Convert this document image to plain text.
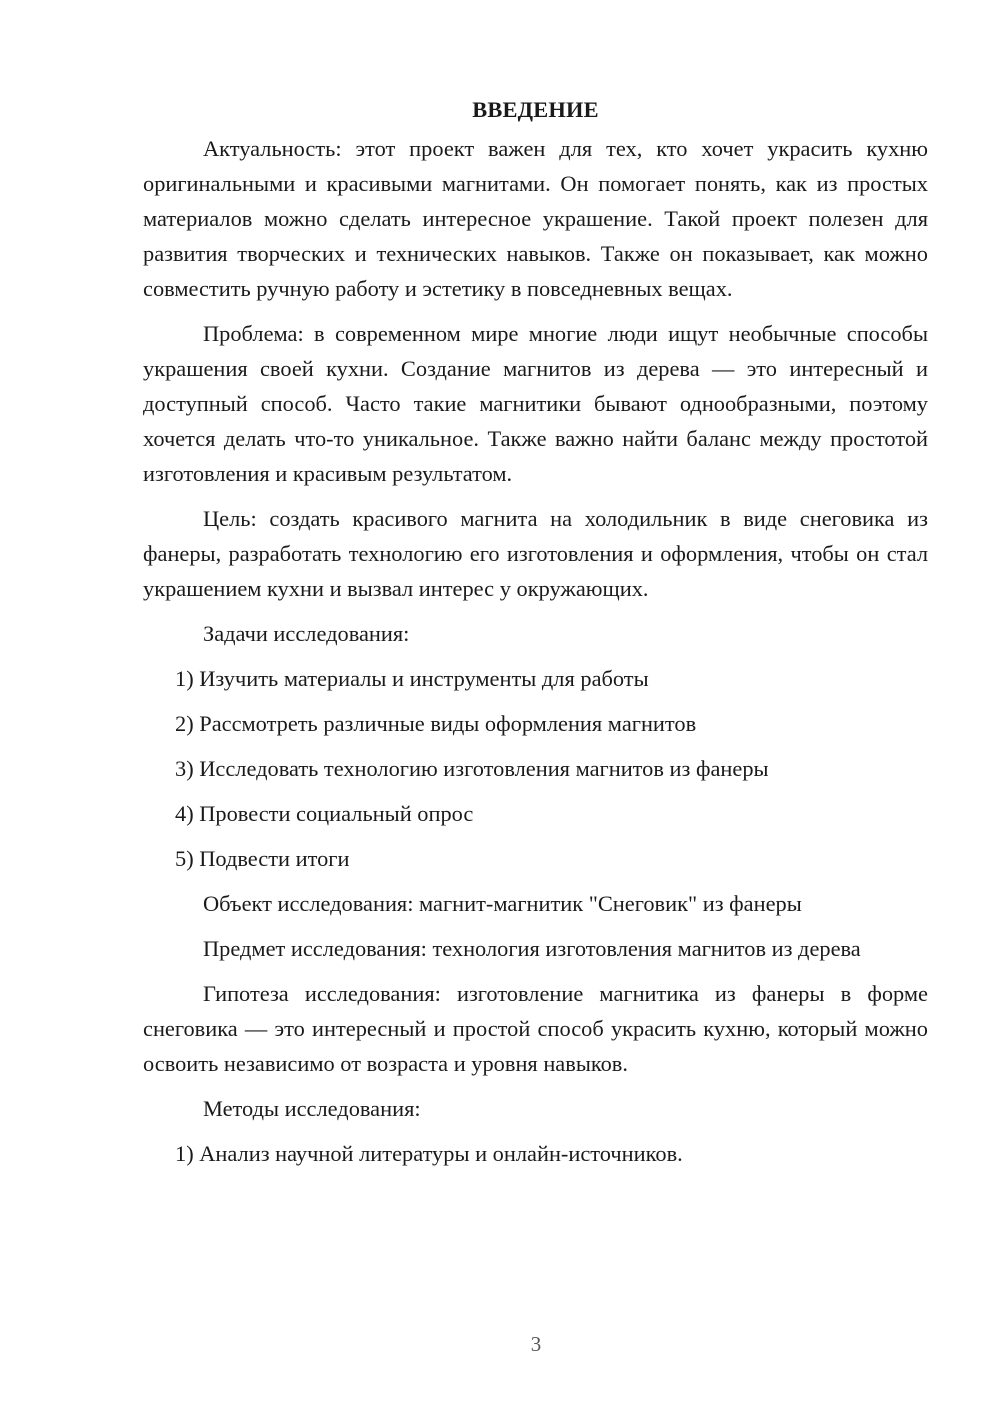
ВВЕДЕНИЕ

Актуальность: этот проект важен для тех, кто хочет украсить кухню оригинальными и красивыми магнитами. Он помогает понять, как из простых материалов можно сделать интересное украшение. Такой проект полезен для развития творческих и технических навыков. Также он показывает, как можно совместить ручную работу и эстетику в повседневных вещах.

Проблема: в современном мире многие люди ищут необычные способы украшения своей кухни. Создание магнитов из дерева — это интересный и доступный способ. Часто такие магнитики бывают однообразными, поэтому хочется делать что-то уникальное. Также важно найти баланс между простотой изготовления и красивым результатом.

Цель: создать красивого магнита на холодильник в виде снеговика из фанеры, разработать технологию его изготовления и оформления, чтобы он стал украшением кухни и вызвал интерес у окружающих.

Задачи исследования:

1) Изучить материалы и инструменты для работы
2) Рассмотреть различные виды оформления магнитов
3) Исследовать технологию изготовления магнитов из фанеры
4) Провести социальный опрос
5) Подвести итоги

Объект исследования: магнит-магнитик "Снеговик" из фанеры

Предмет исследования: технология изготовления магнитов из дерева

Гипотеза исследования: изготовление магнитика из фанеры в форме снеговика — это интересный и простой способ украсить кухню, который можно освоить независимо от возраста и уровня навыков.

Методы исследования:

1) Анализ научной литературы и онлайн-источников.
3
